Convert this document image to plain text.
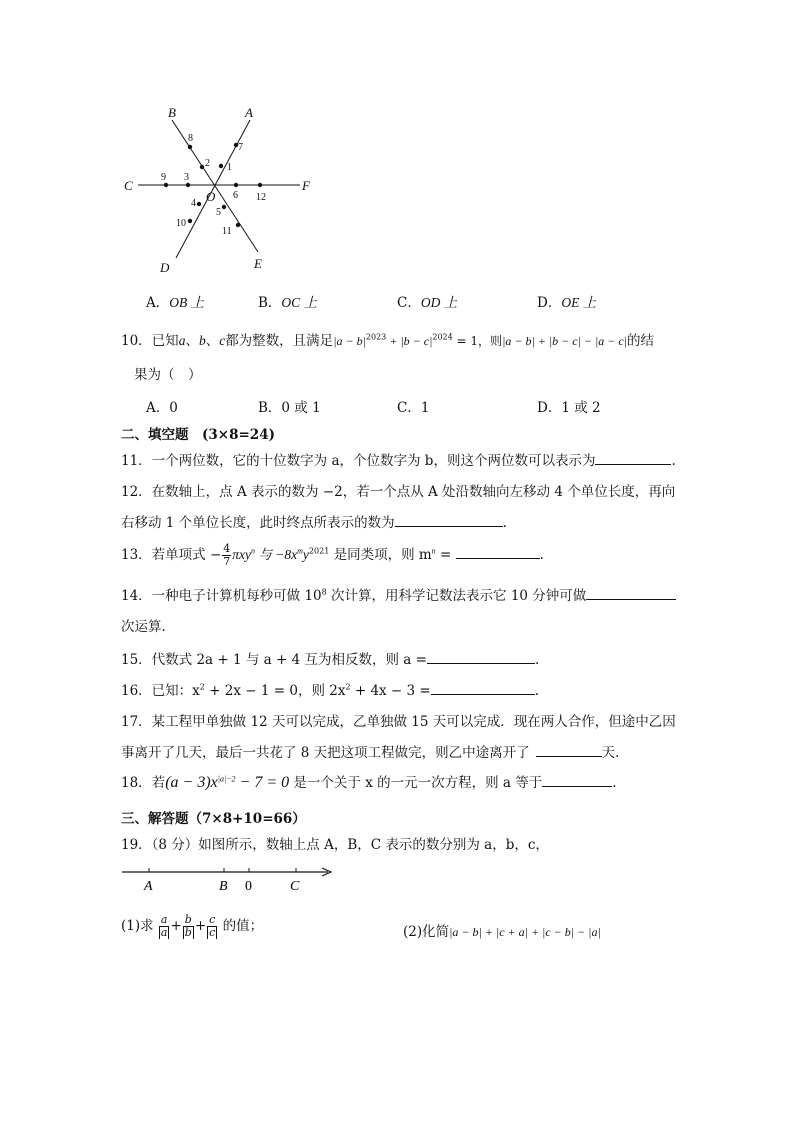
B	A
C	F
D	E
O
8
2
7
1
9 3
6 12
4
10
5
11
A．OB 上	B．OC 上	C．OD 上	D．OE 上
10．已知a、b、c都为整数，且满足$|a - b|^{2023} + |b - c|^{2024} = 1$，则|a − b| + |b − c| − |a − c|的结
果为（　）
A．0	B．0 或 1	C．1	D．1 或 2
二、填空题　(3×8=24)
11．一个两位数，它的十位数字为 a，个位数字为 b，则这个两位数可以表示为	.
12．在数轴上，点 A 表示的数为 −2，若一个点从 A 处沿数轴向左移动 4 个单位长度，再向
右移动 1 个单位长度，此时终点所表示的数为	.
13．若单项式 − $\frac{4}{7} \pi xy^n$ 与 $-8x^my^{2021}$ 是同类项，则 $m^n$ =	.
14．一种电子计算机每秒可做 $10^8$ 次计算，用科学记数法表示它 10 分钟可做
次运算.
15．代数式 2a + 1 与 a + 4 互为相反数，则 a =	.
16．已知：$x^2 + 2x - 1 = 0$，则 $2x^2 + 4x - 3$ =	.
17．某工程甲单独做 12 天可以完成，乙单独做 15 天可以完成．现在两人合作，但途中乙因
事离开了几天，最后一共花了 8 天把这项工程做完，则乙中途离开了	天.
18．若$(a - 3)x^{|a|-2} - 7 = 0$ 是一个关于 x 的一元一次方程，则 a 等于	.
三、解答题（7×8+10=66）
19．（8 分）如图所示，数轴上点 A，B，C 表示的数分别为 a，b，c，
A	B 0	C
(1)求 $\frac{a}{a} + \frac{b}{b} + \frac{c}{c}$ 的值；	(2)化简|a − b| + |c + a| + |c − b| − |a|
